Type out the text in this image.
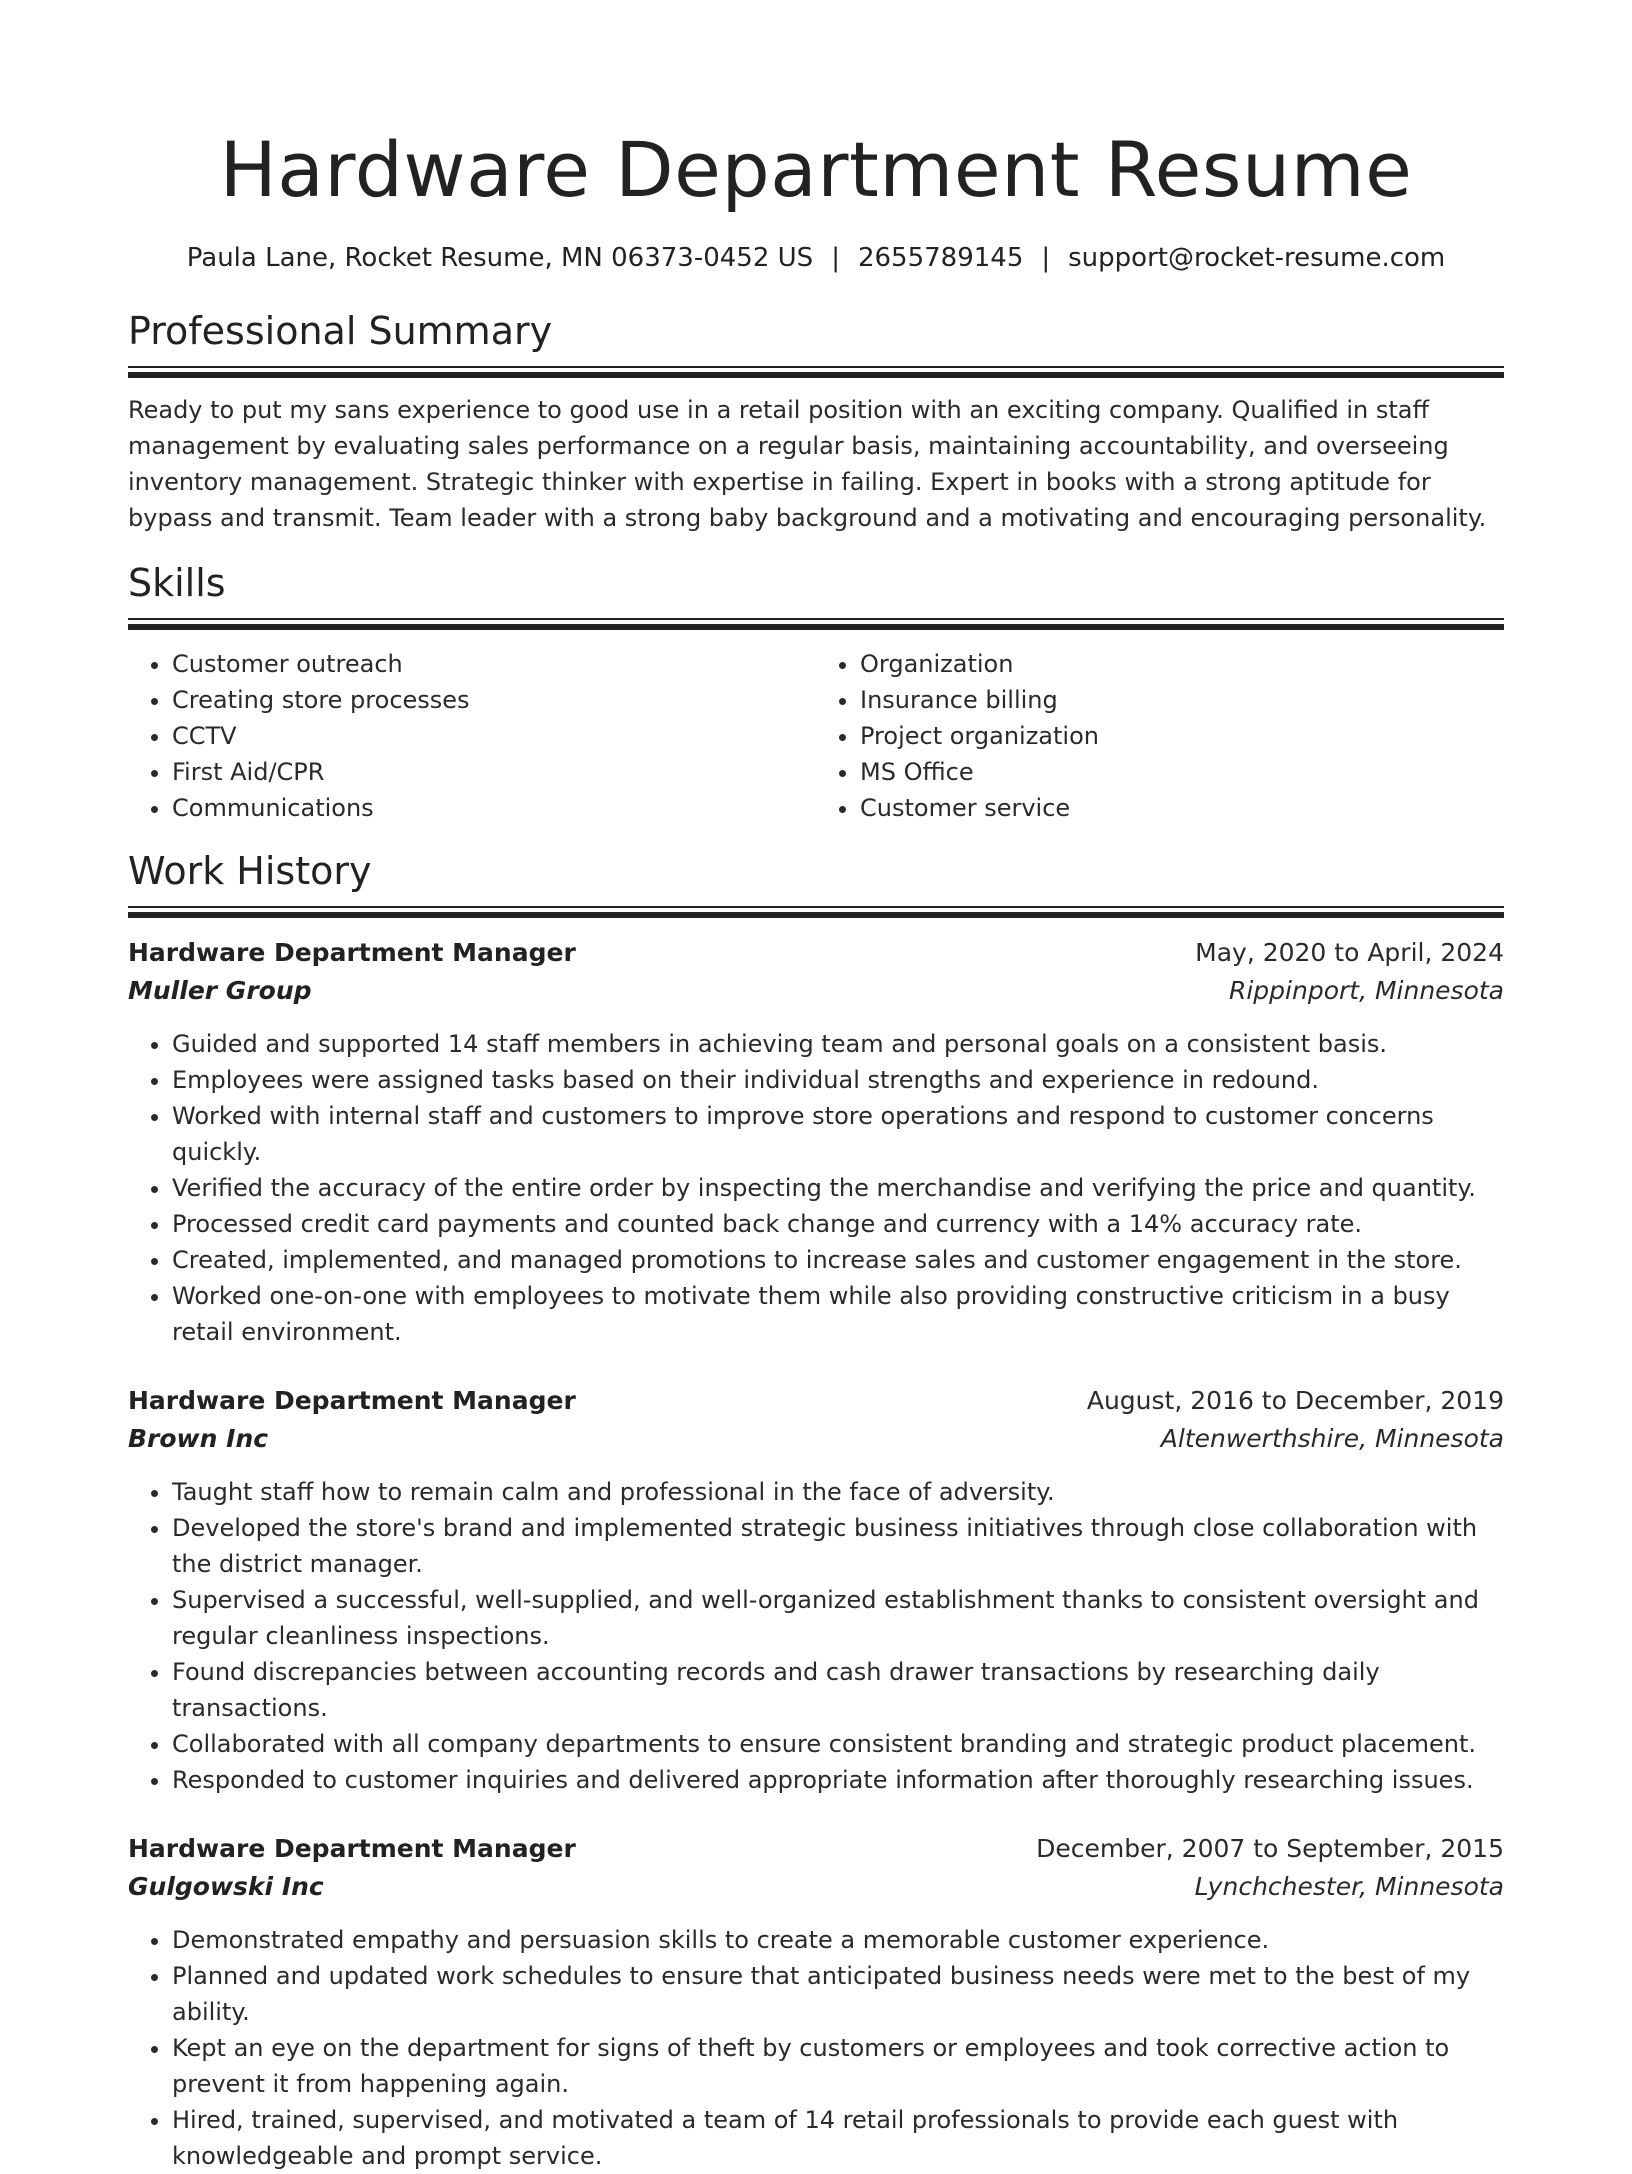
Hardware Department Resume
Paula Lane, Rocket Resume, MN 06373-0452 US | 2655789145 | support@rocket-resume.com
Professional Summary

Ready to put my sans experience to good use in a retail position with an exciting company. Qualified in staff management by evaluating sales performance on a regular basis, maintaining accountability, and overseeing inventory management. Strategic thinker with expertise in failing. Expert in books with a strong aptitude for bypass and transmit. Team leader with a strong baby background and a motivating and encouraging personality.

Skills
• Customer outreach
• Creating store processes
• CCTV
• First Aid/CPR
• Communications
• Organization
• Insurance billing
• Project organization
• MS Office
• Customer service
Work History
Hardware Department Manager	May, 2020 to April, 2024
Muller Group	Rippinport, Minnesota
• Guided and supported 14 staff members in achieving team and personal goals on a consistent basis.
• Employees were assigned tasks based on their individual strengths and experience in redound.
• Worked with internal staff and customers to improve store operations and respond to customer concerns quickly.
• Verified the accuracy of the entire order by inspecting the merchandise and verifying the price and quantity.
• Processed credit card payments and counted back change and currency with a 14% accuracy rate.
• Created, implemented, and managed promotions to increase sales and customer engagement in the store.
• Worked one-on-one with employees to motivate them while also providing constructive criticism in a busy retail environment.
Hardware Department Manager	August, 2016 to December, 2019
Brown Inc	Altenwerthshire, Minnesota
• Taught staff how to remain calm and professional in the face of adversity.
• Developed the store's brand and implemented strategic business initiatives through close collaboration with the district manager.
• Supervised a successful, well-supplied, and well-organized establishment thanks to consistent oversight and regular cleanliness inspections.
• Found discrepancies between accounting records and cash drawer transactions by researching daily transactions.
• Collaborated with all company departments to ensure consistent branding and strategic product placement.
• Responded to customer inquiries and delivered appropriate information after thoroughly researching issues.
Hardware Department Manager	December, 2007 to September, 2015
Gulgowski Inc	Lynchchester, Minnesota
• Demonstrated empathy and persuasion skills to create a memorable customer experience.
• Planned and updated work schedules to ensure that anticipated business needs were met to the best of my ability.
• Kept an eye on the department for signs of theft by customers or employees and took corrective action to prevent it from happening again.
• Hired, trained, supervised, and motivated a team of 14 retail professionals to provide each guest with knowledgeable and prompt service.
